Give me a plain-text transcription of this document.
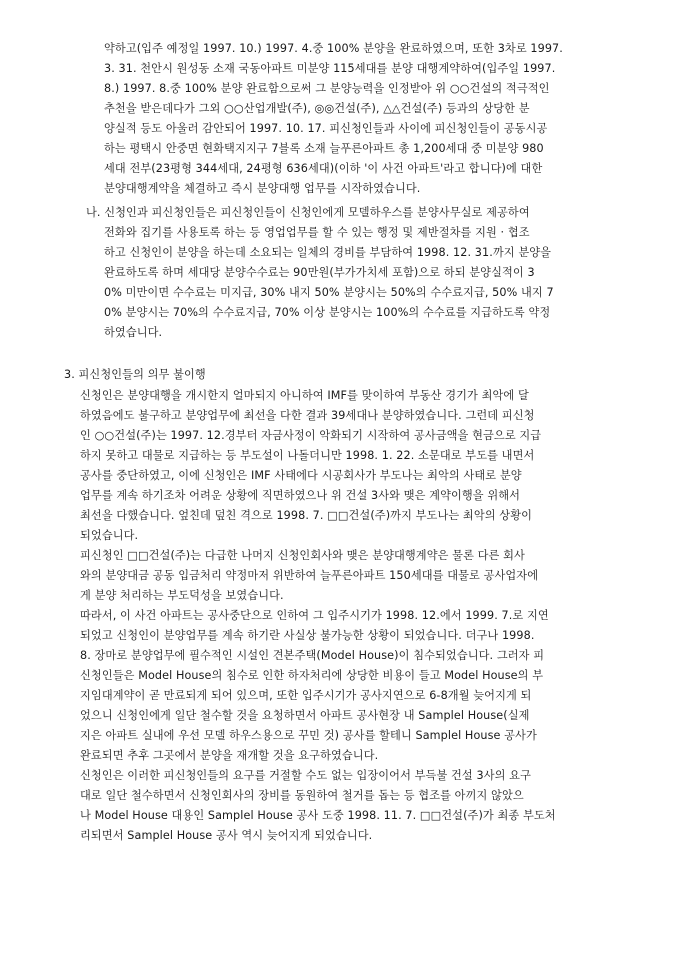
약하고(입주 예정일 1997. 10.) 1997. 4.중 100% 분양을 완료하였으며, 또한 3차로 1997.
3. 31. 천안시 원성동 소재 국동아파트 미분양 115세대를 분양 대행계약하여(입주일 1997.
8.) 1997. 8.중 100% 분양 완료함으로써 그 분양능력을 인정받아 위 ○○건설의 적극적인
추천을 받은데다가 그외 ○○산업개발(주), ◎◎건설(주), △△건설(주) 등과의 상당한 분
양실적 등도 아울러 감안되어 1997. 10. 17. 피신청인들과 사이에 피신청인들이 공동시공
하는 평택시 안중면 현화택지지구 7블록 소재 늘푸른아파트 총 1,200세대 중 미분양 980
세대 전부(23평형 344세대, 24평형 636세대)(이하 '이 사건 아파트'라고 합니다)에 대한
분양대행계약을 체결하고 즉시 분양대행 업무를 시작하였습니다.
나. 신청인과 피신청인들은 피신청인들이 신청인에게 모델하우스를 분양사무실로 제공하여
전화와 집기를 사용토록 하는 등 영업업무를 할 수 있는 행정 및 제반절차를 지원 · 협조
하고 신청인이 분양을 하는데 소요되는 일체의 경비를 부담하여 1998. 12. 31.까지 분양을
완료하도록 하며 세대당 분양수수료는 90만원(부가가치세 포함)으로 하되 분양실적이 3
0% 미만이면 수수료는 미지급, 30% 내지 50% 분양시는 50%의 수수료지급, 50% 내지 7
0% 분양시는 70%의 수수료지급, 70% 이상 분양시는 100%의 수수료를 지급하도록 약정
하였습니다.
3. 피신청인들의 의무 불이행
신청인은 분양대행을 개시한지 얼마되지 아니하여 IMF를 맞이하여 부동산 경기가 최악에 달
하였음에도 불구하고 분양업무에 최선을 다한 결과 39세대나 분양하였습니다. 그런데 피신청
인 ○○건설(주)는 1997. 12.경부터 자금사정이 악화되기 시작하여 공사금액을 현금으로 지급
하지 못하고 대물로 지급하는 등 부도설이 나돌더니만 1998. 1. 22. 소문대로 부도를 내면서
공사를 중단하였고, 이에 신청인은 IMF 사태에다 시공회사가 부도나는 최악의 사태로 분양
업무를 계속 하기조차 어려운 상황에 직면하였으나 위 건설 3사와 맺은 계약이행을 위해서
최선을 다했습니다. 엎친데 덮친 격으로 1998. 7. □□건설(주)까지 부도나는 최악의 상황이
되었습니다.
피신청인 □□건설(주)는 다급한 나머지 신청인회사와 맺은 분양대행계약은 물론 다른 회사
와의 분양대금 공동 입금처리 약정마저 위반하여 늘푸른아파트 150세대를 대물로 공사업자에
게 분양 처리하는 부도덕성을 보였습니다.
따라서, 이 사건 아파트는 공사중단으로 인하여 그 입주시기가 1998. 12.에서 1999. 7.로 지연
되었고 신청인이 분양업무를 계속 하기란 사실상 불가능한 상황이 되었습니다. 더구나 1998.
8. 장마로 분양업무에 필수적인 시설인 견본주택(Model House)이 침수되었습니다. 그러자 피
신청인들은 Model House의 침수로 인한 하자처리에 상당한 비용이 들고 Model House의 부
지임대계약이 곧 만료되게 되어 있으며, 또한 입주시기가 공사지연으로 6-8개월 늦어지게 되
었으니 신청인에게 일단 철수할 것을 요청하면서 아파트 공사현장 내 Samplel House(실제
지은 아파트 실내에 우선 모델 하우스용으로 꾸민 것) 공사를 할테니 Samplel House 공사가
완료되면 추후 그곳에서 분양을 재개할 것을 요구하였습니다.
신청인은 이러한 피신청인들의 요구를 거절할 수도 없는 입장이어서 부득불 건설 3사의 요구
대로 일단 철수하면서 신청인회사의 장비를 동원하여 철거를 돕는 등 협조를 아끼지 않았으
나 Model House 대용인 Samplel House 공사 도중 1998. 11. 7. □□건설(주)가 최종 부도처
리되면서 Samplel House 공사 역시 늦어지게 되었습니다.
